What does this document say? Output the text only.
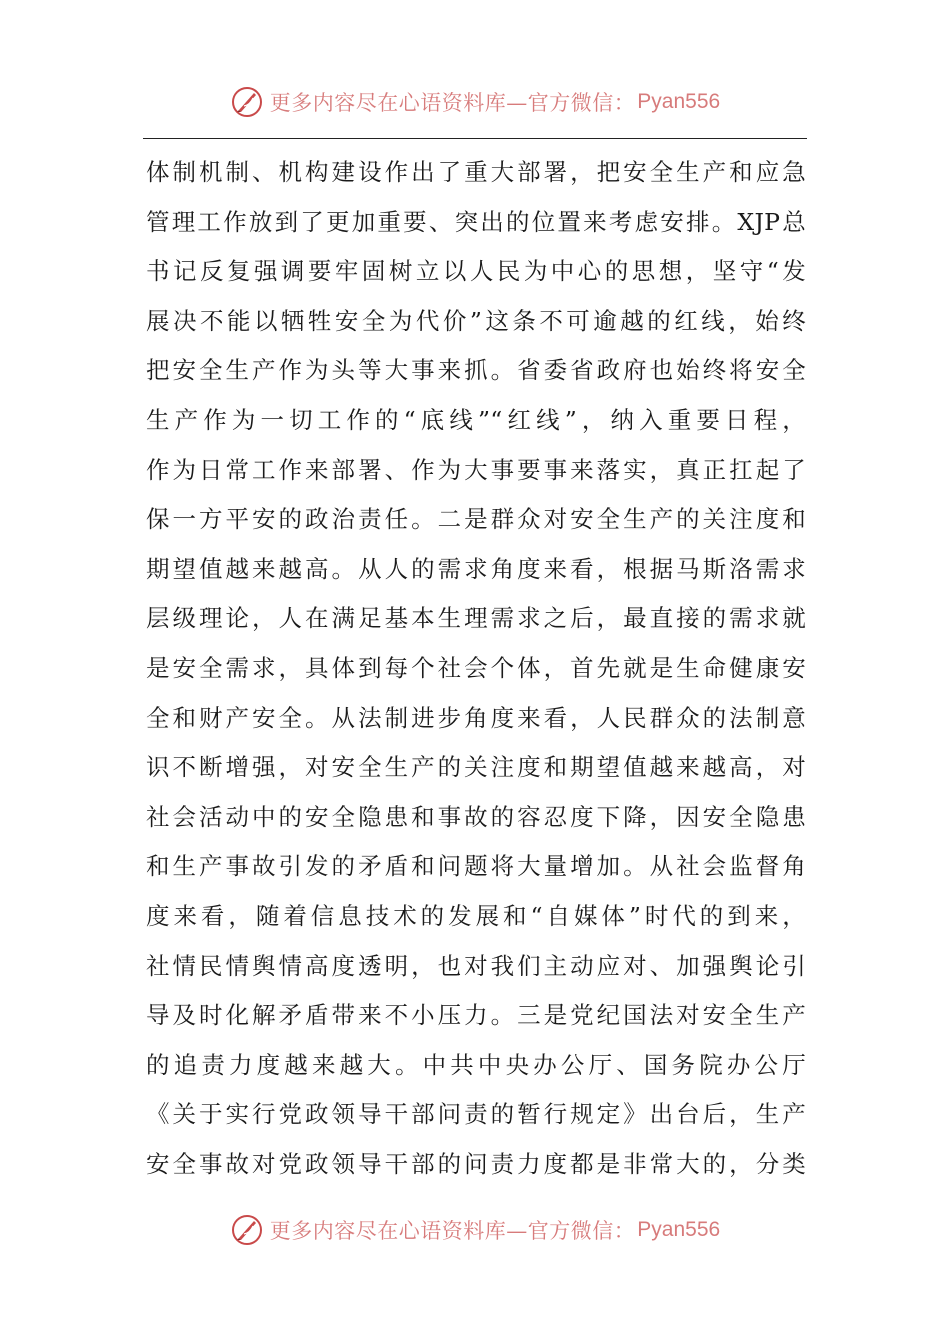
更多内容尽在心语资料库—官方微信： Pyan556
体制机制、机构建设作出了重大部署，把安全生产和应急
管理工作放到了更加重要、突出的位置来考虑安排。XJP总
书记反复强调要牢固树立以人民为中心的思想，坚守“发
展决不能以牺牲安全为代价”这条不可逾越的红线，始终
把安全生产作为头等大事来抓。省委省政府也始终将安全
生产作为一切工作的“底线”“红线”，纳入重要日程，
作为日常工作来部署、作为大事要事来落实，真正扛起了
保一方平安的政治责任。二是群众对安全生产的关注度和
期望值越来越高。从人的需求角度来看，根据马斯洛需求
层级理论，人在满足基本生理需求之后，最直接的需求就
是安全需求，具体到每个社会个体，首先就是生命健康安
全和财产安全。从法制进步角度来看，人民群众的法制意
识不断增强，对安全生产的关注度和期望值越来越高，对
社会活动中的安全隐患和事故的容忍度下降，因安全隐患
和生产事故引发的矛盾和问题将大量增加。从社会监督角
度来看，随着信息技术的发展和“自媒体”时代的到来，
社情民情舆情高度透明，也对我们主动应对、加强舆论引
导及时化解矛盾带来不小压力。三是党纪国法对安全生产
的追责力度越来越大。中共中央办公厅、国务院办公厅
《关于实行党政领导干部问责的暂行规定》出台后，生产
安全事故对党政领导干部的问责力度都是非常大的，分类
更多内容尽在心语资料库—官方微信： Pyan556
